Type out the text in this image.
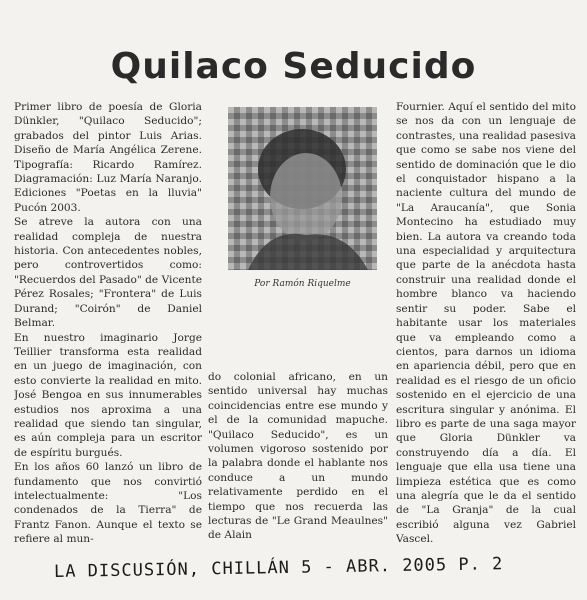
Quilaco Seducido

Primer libro de poesía de Gloria Dünkler, "Quilaco Seducido"; grabados del pintor Luis Arias. Diseño de María Angélica Zerene. Tipografía: Ricardo Ramírez. Diagramación: Luz María Naranjo. Ediciones "Poetas en la lluvia" Pucón 2003.

Se atreve la autora con una realidad compleja de nuestra historia. Con antecedentes nobles, pero controvertidos como: "Recuerdos del Pasado" de Vicente Pérez Rosales; "Frontera" de Luis Durand; "Coirón" de Daniel Belmar.

En nuestro imaginario Jorge Teillier transforma esta realidad en un juego de imaginación, con esto convierte la realidad en mito. José Bengoa en sus innumerables estudios nos aproxima a una realidad que siendo tan singular, es aún compleja para un escritor de espíritu burgués.

En los años 60 lanzó un libro de fundamento que nos convirtió intelectualmente: "Los condenados de la Tierra" de Frantz Fanon. Aunque el texto se refiere al mun-

Por Ramón Riquelme

do colonial africano, en un sentido universal hay muchas coincidencias entre ese mundo y el de la comunidad mapuche. "Quilaco Seducido", es un volumen vigoroso sostenido por la palabra donde el hablante nos conduce a un mundo relativamente perdido en el tiempo que nos recuerda las lecturas de "Le Grand Meaulnes" de Alain

Fournier. Aquí el sentido del mito se nos da con un lenguaje de contrastes, una realidad pasesiva que como se sabe nos viene del sentido de dominación que le dio el conquistador hispano a la naciente cultura del mundo de "La Araucanía", que Sonia Montecino ha estudiado muy bien. La autora va creando toda una especialidad y arquitectura que parte de la anécdota hasta construir una realidad donde el hombre blanco va haciendo sentir su poder. Sabe el habitante usar los materiales que va empleando como a cientos, para darnos un idioma en apariencia débil, pero que en realidad es el riesgo de un oficio sostenido en el ejercicio de una escritura singular y anónima. El libro es parte de una saga mayor que Gloria Dünkler va construyendo día a día. El lenguaje que ella usa tiene una limpieza estética que es como una alegría que le da el sentido de "La Granja" de la cual escribió alguna vez Gabriel Vascel.

LA DISCUSIÓN, CHILLÁN 5 - ABR. 2005 P. 2
